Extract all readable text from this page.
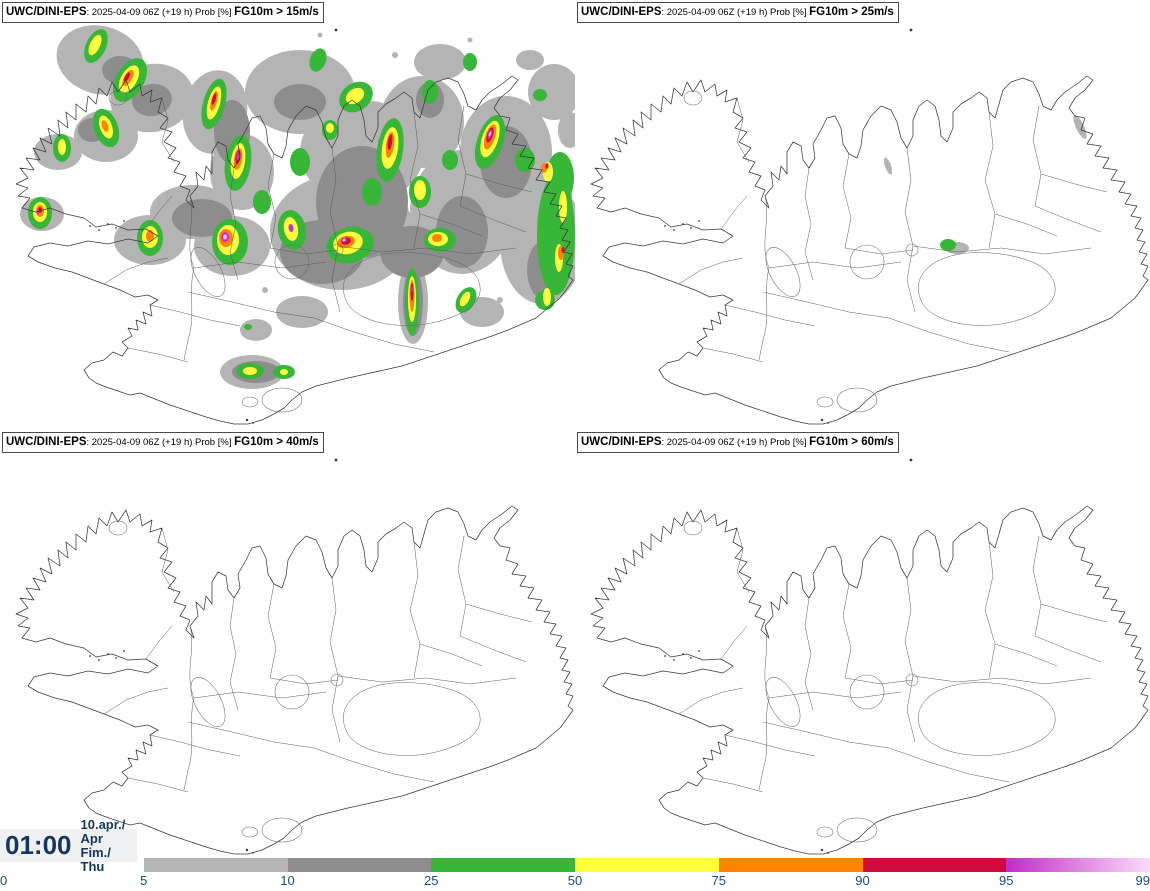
UWC/DINI-EPS: 2025-04-09 06Z (+19 h) Prob [%] FG10m > 15m/s	UWC/DINI-EPS: 2025-04-09 06Z (+19 h) Prob [%] FG10m > 25m/s
UWC/DINI-EPS: 2025-04-09 06Z (+19 h) Prob [%] FG10m > 40m/s	UWC/DINI-EPS: 2025-04-09 06Z (+19 h) Prob [%] FG10m > 60m/s
01:00
10.apr./ Apr
Fim./ Thu
0	5	10	25	50	75	90	95	99
